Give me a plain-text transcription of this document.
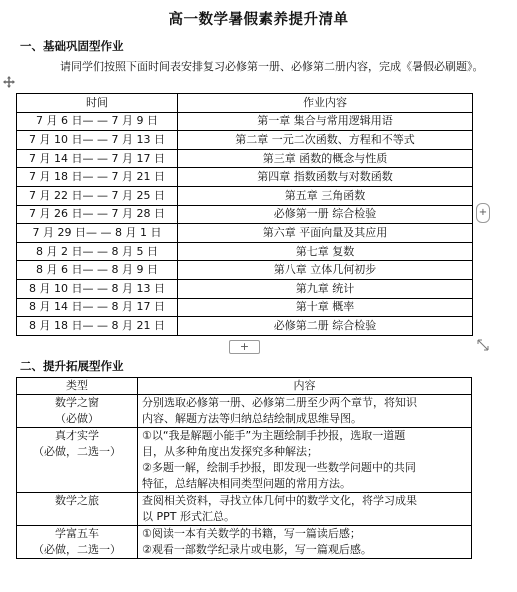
高一数学暑假素养提升清单
一、基础巩固型作业
请同学们按照下面时间表安排复习必修第一册、必修第二册内容，完成《暑假必刷题》。
时间	作业内容
7 月 6 日— — 7 月 9 日	第一章 集合与常用逻辑用语
7 月 10 日— — 7 月 13 日	第二章 一元二次函数、方程和不等式
7 月 14 日— — 7 月 17 日	第三章 函数的概念与性质
7 月 18 日— — 7 月 21 日	第四章 指数函数与对数函数
7 月 22 日— — 7 月 25 日	第五章 三角函数
7 月 26 日— — 7 月 28 日	必修第一册 综合检验
7 月 29 日— — 8 月 1 日	第六章 平面向量及其应用
8 月 2 日— — 8 月 5 日	第七章 复数
8 月 6 日— — 8 月 9 日	第八章 立体几何初步
8 月 10 日— — 8 月 13 日	第九章 统计
8 月 14 日— — 8 月 17 日	第十章 概率
8 月 18 日— — 8 月 21 日	必修第二册 综合检验
+
+
二、提升拓展型作业
类型	内容

数学之窗
（必做）	分别选取必修第一册、必修第二册至少两个章节，将知识
内容、解题方法等归纳总结绘制成思维导图。

真才实学
（必做，二选一）	①以“我是解题小能手”为主题绘制手抄报，选取一道题
目，从多种角度出发探究多种解法；
②多题一解，绘制手抄报，即发现一些数学问题中的共同
特征，总结解决相同类型问题的常用方法。

数学之旅	查阅相关资料，寻找立体几何中的数学文化，将学习成果
以 PPT 形式汇总。

学富五车
（必做，二选一）	①阅读一本有关数学的书籍，写一篇读后感；
②观看一部数学纪录片或电影，写一篇观后感。
